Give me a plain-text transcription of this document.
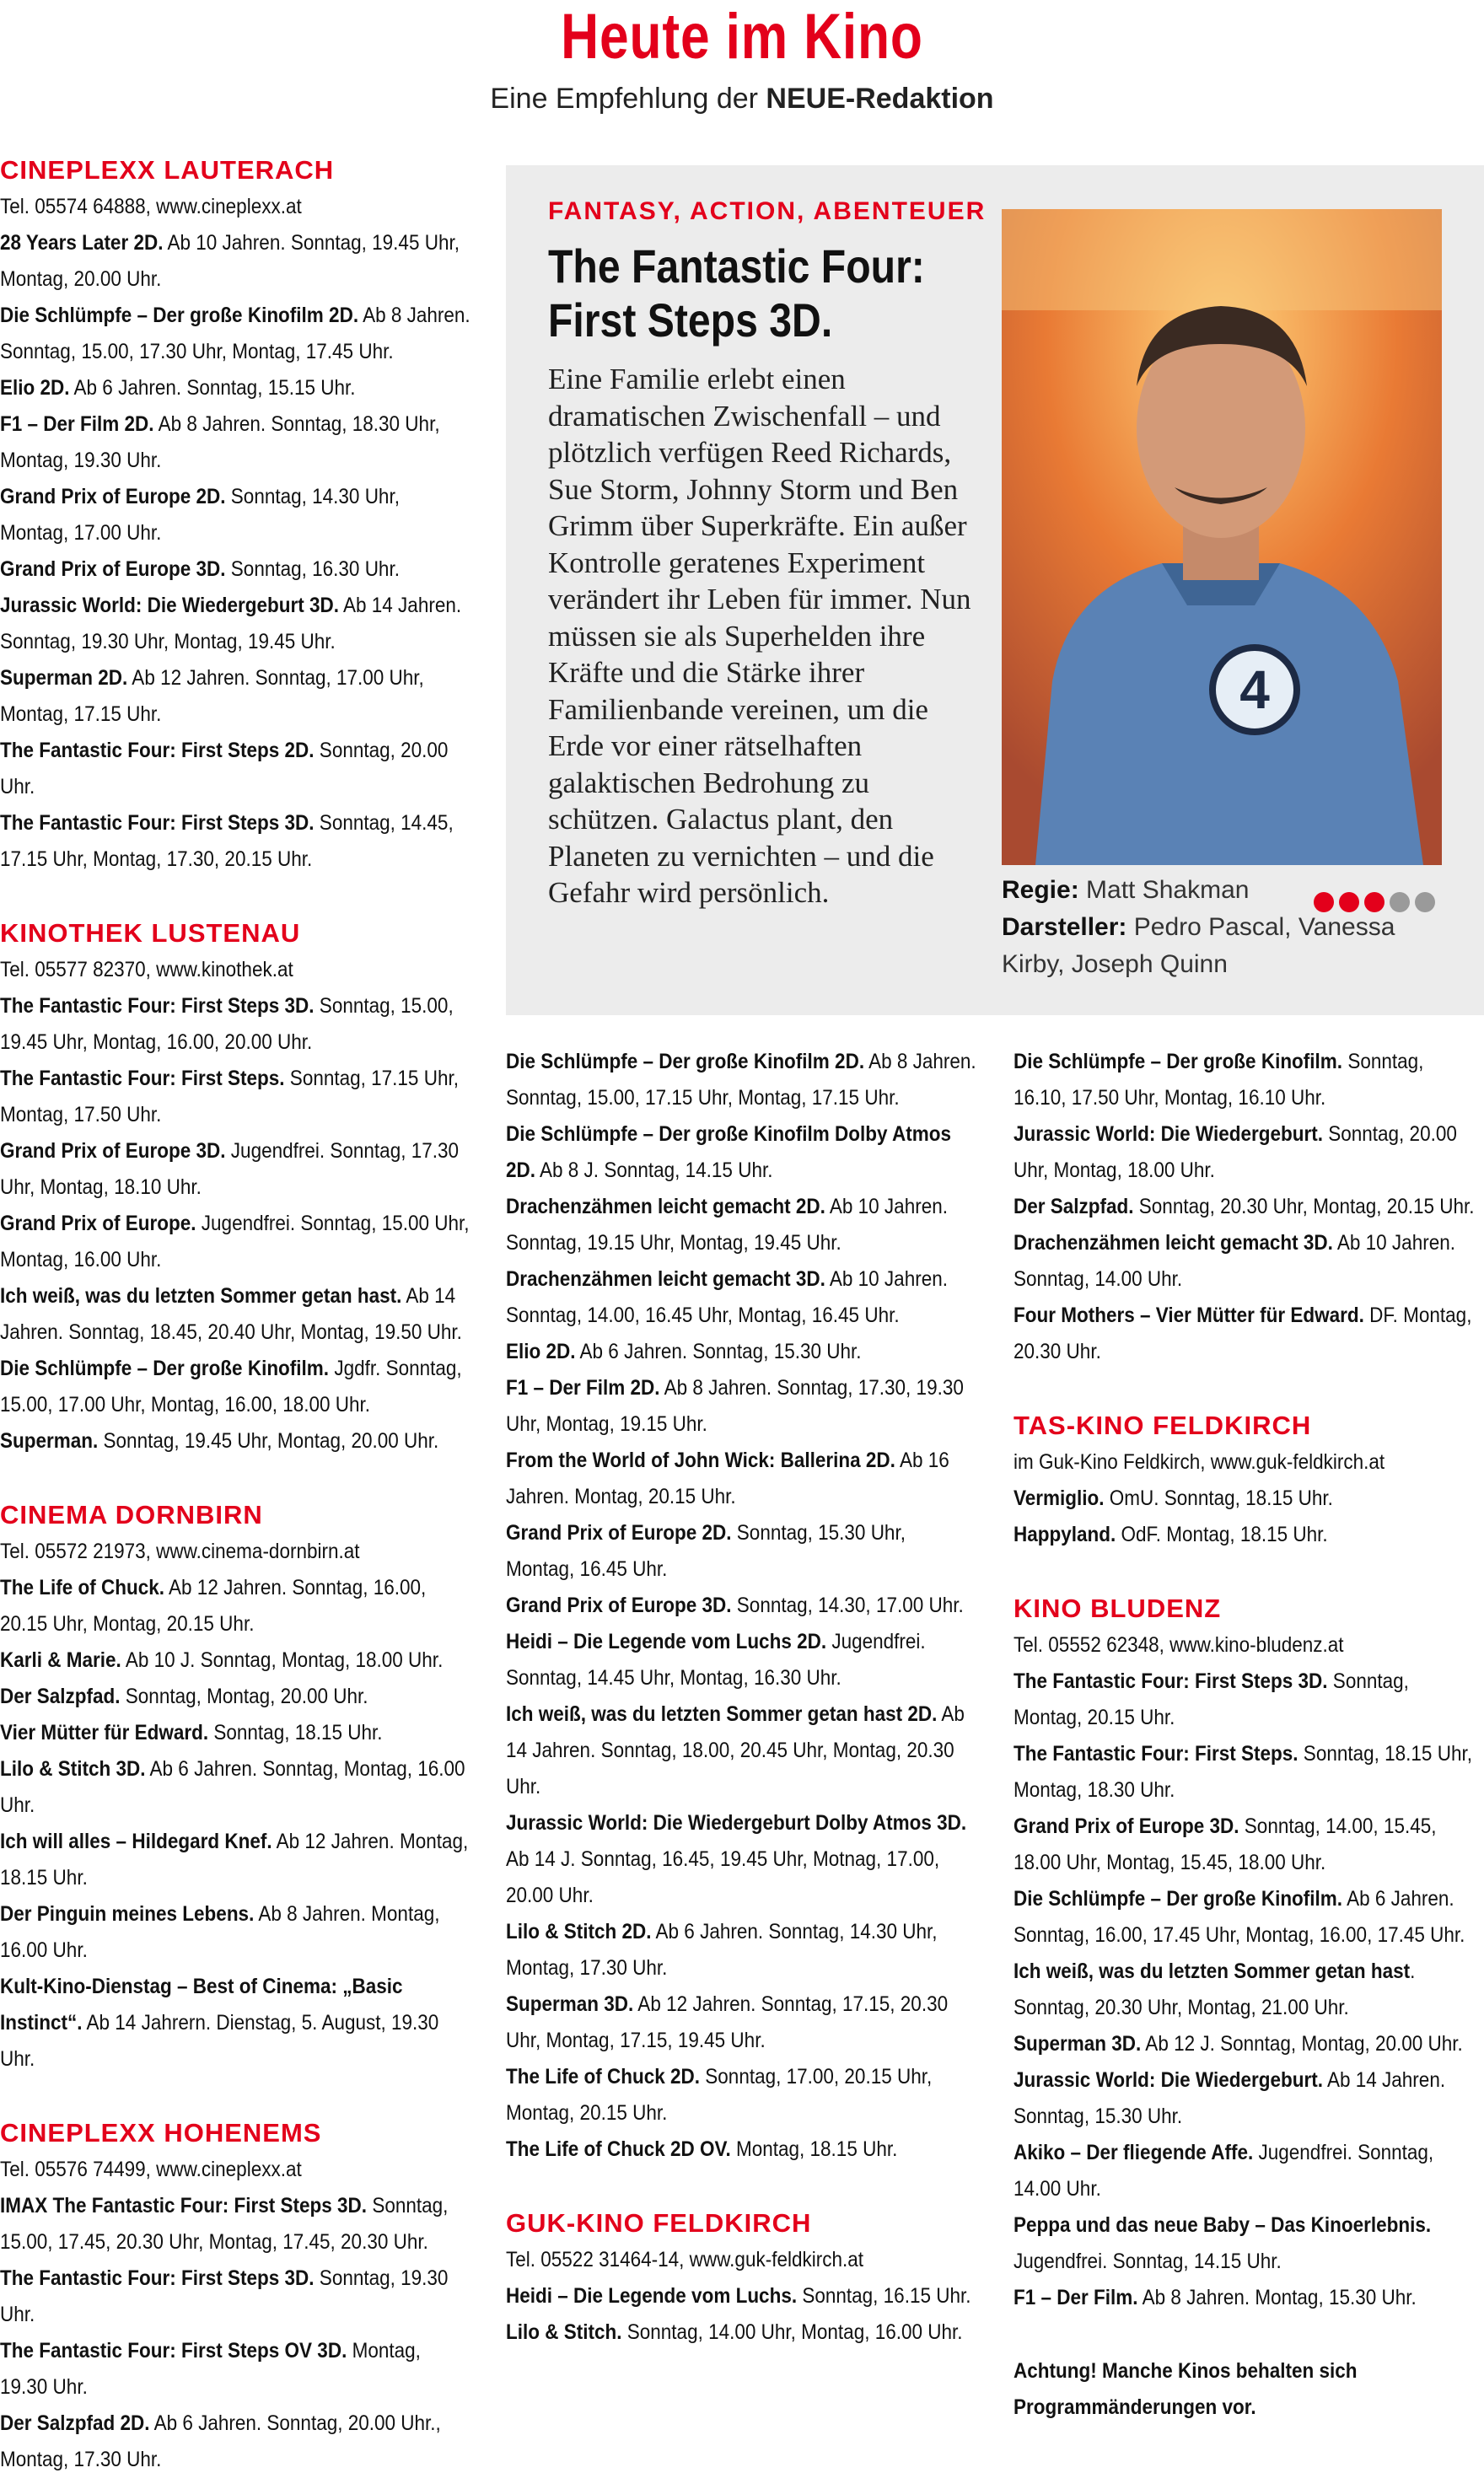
Heute im Kino
Eine Empfehlung der NEUE-Redaktion
CINEPLEXX LAUTERACH

Tel. 05574 64888, www.cineplexx.at

28 Years Later 2D. Ab 10 Jahren. Sonntag, 19.45 Uhr, Montag, 20.00 Uhr.

Die Schlümpfe – Der große Kinofilm 2D. Ab 8 Jahren. Sonntag, 15.00, 17.30 Uhr, Montag, 17.45 Uhr.

Elio 2D. Ab 6 Jahren. Sonntag, 15.15 Uhr.

F1 – Der Film 2D. Ab 8 Jahren. Sonntag, 18.30 Uhr, Montag, 19.30 Uhr.

Grand Prix of Europe 2D. Sonntag, 14.30 Uhr, Montag, 17.00 Uhr.

Grand Prix of Europe 3D. Sonntag, 16.30 Uhr.

Jurassic World: Die Wiedergeburt 3D. Ab 14 Jahren. Sonntag, 19.30 Uhr, Montag, 19.45 Uhr.

Superman 2D. Ab 12 Jahren. Sonntag, 17.00 Uhr, Montag, 17.15 Uhr.

The Fantastic Four: First Steps 2D. Sonntag, 20.00 Uhr.

The Fantastic Four: First Steps 3D. Sonntag, 14.45, 17.15 Uhr, Montag, 17.30, 20.15 Uhr.

KINOTHEK LUSTENAU

Tel. 05577 82370, www.kinothek.at

The Fantastic Four: First Steps 3D. Sonntag, 15.00, 19.45 Uhr, Montag, 16.00, 20.00 Uhr.

The Fantastic Four: First Steps. Sonntag, 17.15 Uhr, Montag, 17.50 Uhr.

Grand Prix of Europe 3D. Jugendfrei. Sonntag, 17.30 Uhr, Montag, 18.10 Uhr.

Grand Prix of Europe. Jugendfrei. Sonntag, 15.00 Uhr, Montag, 16.00 Uhr.

Ich weiß, was du letzten Sommer getan hast. Ab 14 Jahren. Sonntag, 18.45, 20.40 Uhr, Montag, 19.50 Uhr.

Die Schlümpfe – Der große Kinofilm. Jgdfr. Sonntag, 15.00, 17.00 Uhr, Montag, 16.00, 18.00 Uhr.

Superman. Sonntag, 19.45 Uhr, Montag, 20.00 Uhr.

CINEMA DORNBIRN

Tel. 05572 21973, www.cinema-dornbirn.at

The Life of Chuck. Ab 12 Jahren. Sonntag, 16.00, 20.15 Uhr, Montag, 20.15 Uhr.

Karli & Marie. Ab 10 J. Sonntag, Montag, 18.00 Uhr.

Der Salzpfad. Sonntag, Montag, 20.00 Uhr.

Vier Mütter für Edward. Sonntag, 18.15 Uhr.

Lilo & Stitch 3D. Ab 6 Jahren. Sonntag, Montag, 16.00 Uhr.

Ich will alles – Hildegard Knef. Ab 12 Jahren. Montag, 18.15 Uhr.

Der Pinguin meines Lebens. Ab 8 Jahren. Montag, 16.00 Uhr.

Kult-Kino-Dienstag – Best of Cinema: „Basic Instinct“. Ab 14 Jahrern. Dienstag, 5. August, 19.30 Uhr.

CINEPLEXX HOHENEMS

Tel. 05576 74499, www.cineplexx.at

IMAX The Fantastic Four: First Steps 3D. Sonntag, 15.00, 17.45, 20.30 Uhr, Montag, 17.45, 20.30 Uhr.

The Fantastic Four: First Steps 3D. Sonntag, 19.30 Uhr.

The Fantastic Four: First Steps OV 3D. Montag, 19.30 Uhr.

Der Salzpfad 2D. Ab 6 Jahren. Sonntag, 20.00 Uhr., Montag, 17.30 Uhr.

FANTASY, ACTION, ABENTEUER
The Fantastic Four: First Steps 3D.
Eine Familie erlebt einen dramatischen Zwischenfall – und plötzlich verfügen Reed Richards, Sue Storm, Johnny Storm und Ben Grimm über Superkräfte. Ein außer Kontrolle geratenes Experiment verändert ihr Leben für immer. Nun müssen sie als Superhelden ihre Kräfte und die Stärke ihrer Familienbande vereinen, um die Erde vor einer rätselhaften galaktischen Bedrohung zu schützen. Galactus plant, den Planeten zu vernichten – und die Gefahr wird persönlich.
4
Regie: Matt Shakman
Darsteller: Pedro Pascal, Vanessa Kirby, Joseph Quinn

Die Schlümpfe – Der große Kinofilm 2D. Ab 8 Jahren. Sonntag, 15.00, 17.15 Uhr, Montag, 17.15 Uhr.

Die Schlümpfe – Der große Kinofilm Dolby Atmos 2D. Ab 8 J. Sonntag, 14.15 Uhr.

Drachenzähmen leicht gemacht 2D. Ab 10 Jahren. Sonntag, 19.15 Uhr, Montag, 19.45 Uhr.

Drachenzähmen leicht gemacht 3D. Ab 10 Jahren. Sonntag, 14.00, 16.45 Uhr, Montag, 16.45 Uhr.

Elio 2D. Ab 6 Jahren. Sonntag, 15.30 Uhr.

F1 – Der Film 2D. Ab 8 Jahren. Sonntag, 17.30, 19.30 Uhr, Montag, 19.15 Uhr.

From the World of John Wick: Ballerina 2D. Ab 16 Jahren. Montag, 20.15 Uhr.

Grand Prix of Europe 2D. Sonntag, 15.30 Uhr, Montag, 16.45 Uhr.

Grand Prix of Europe 3D. Sonntag, 14.30, 17.00 Uhr.

Heidi – Die Legende vom Luchs 2D. Jugendfrei. Sonntag, 14.45 Uhr, Montag, 16.30 Uhr.

Ich weiß, was du letzten Sommer getan hast 2D. Ab 14 Jahren. Sonntag, 18.00, 20.45 Uhr, Montag, 20.30 Uhr.

Jurassic World: Die Wiedergeburt Dolby Atmos 3D. Ab 14 J. Sonntag, 16.45, 19.45 Uhr, Motnag, 17.00, 20.00 Uhr.

Lilo & Stitch 2D. Ab 6 Jahren. Sonntag, 14.30 Uhr, Montag, 17.30 Uhr.

Superman 3D. Ab 12 Jahren. Sonntag, 17.15, 20.30 Uhr, Montag, 17.15, 19.45 Uhr.

The Life of Chuck 2D. Sonntag, 17.00, 20.15 Uhr, Montag, 20.15 Uhr.

The Life of Chuck 2D OV. Montag, 18.15 Uhr.

GUK-KINO FELDKIRCH

Tel. 05522 31464-14, www.guk-feldkirch.at

Heidi – Die Legende vom Luchs. Sonntag, 16.15 Uhr.

Lilo & Stitch. Sonntag, 14.00 Uhr, Montag, 16.00 Uhr.

Die Schlümpfe – Der große Kinofilm. Sonntag, 16.10, 17.50 Uhr, Montag, 16.10 Uhr.

Jurassic World: Die Wiedergeburt. Sonntag, 20.00 Uhr, Montag, 18.00 Uhr.

Der Salzpfad. Sonntag, 20.30 Uhr, Montag, 20.15 Uhr.

Drachenzähmen leicht gemacht 3D. Ab 10 Jahren. Sonntag, 14.00 Uhr.

Four Mothers – Vier Mütter für Edward. DF. Montag, 20.30 Uhr.

TAS-KINO FELDKIRCH

im Guk-Kino Feldkirch, www.guk-feldkirch.at

Vermiglio. OmU. Sonntag, 18.15 Uhr.

Happyland. OdF. Montag, 18.15 Uhr.

KINO BLUDENZ

Tel. 05552 62348, www.kino-bludenz.at

The Fantastic Four: First Steps 3D. Sonntag, Montag, 20.15 Uhr.

The Fantastic Four: First Steps. Sonntag, 18.15 Uhr, Montag, 18.30 Uhr.

Grand Prix of Europe 3D. Sonntag, 14.00, 15.45, 18.00 Uhr, Montag, 15.45, 18.00 Uhr.

Die Schlümpfe – Der große Kinofilm. Ab 6 Jahren. Sonntag, 16.00, 17.45 Uhr, Montag, 16.00, 17.45 Uhr.

Ich weiß, was du letzten Sommer getan hast. Sonntag, 20.30 Uhr, Montag, 21.00 Uhr.

Superman 3D. Ab 12 J. Sonntag, Montag, 20.00 Uhr.

Jurassic World: Die Wiedergeburt. Ab 14 Jahren. Sonntag, 15.30 Uhr.

Akiko – Der fliegende Affe. Jugendfrei. Sonntag, 14.00 Uhr.

Peppa und das neue Baby – Das Kinoerlebnis. Jugendfrei. Sonntag, 14.15 Uhr.

F1 – Der Film. Ab 8 Jahren. Montag, 15.30 Uhr.

Achtung! Manche Kinos behalten sich Programmänderungen vor.
